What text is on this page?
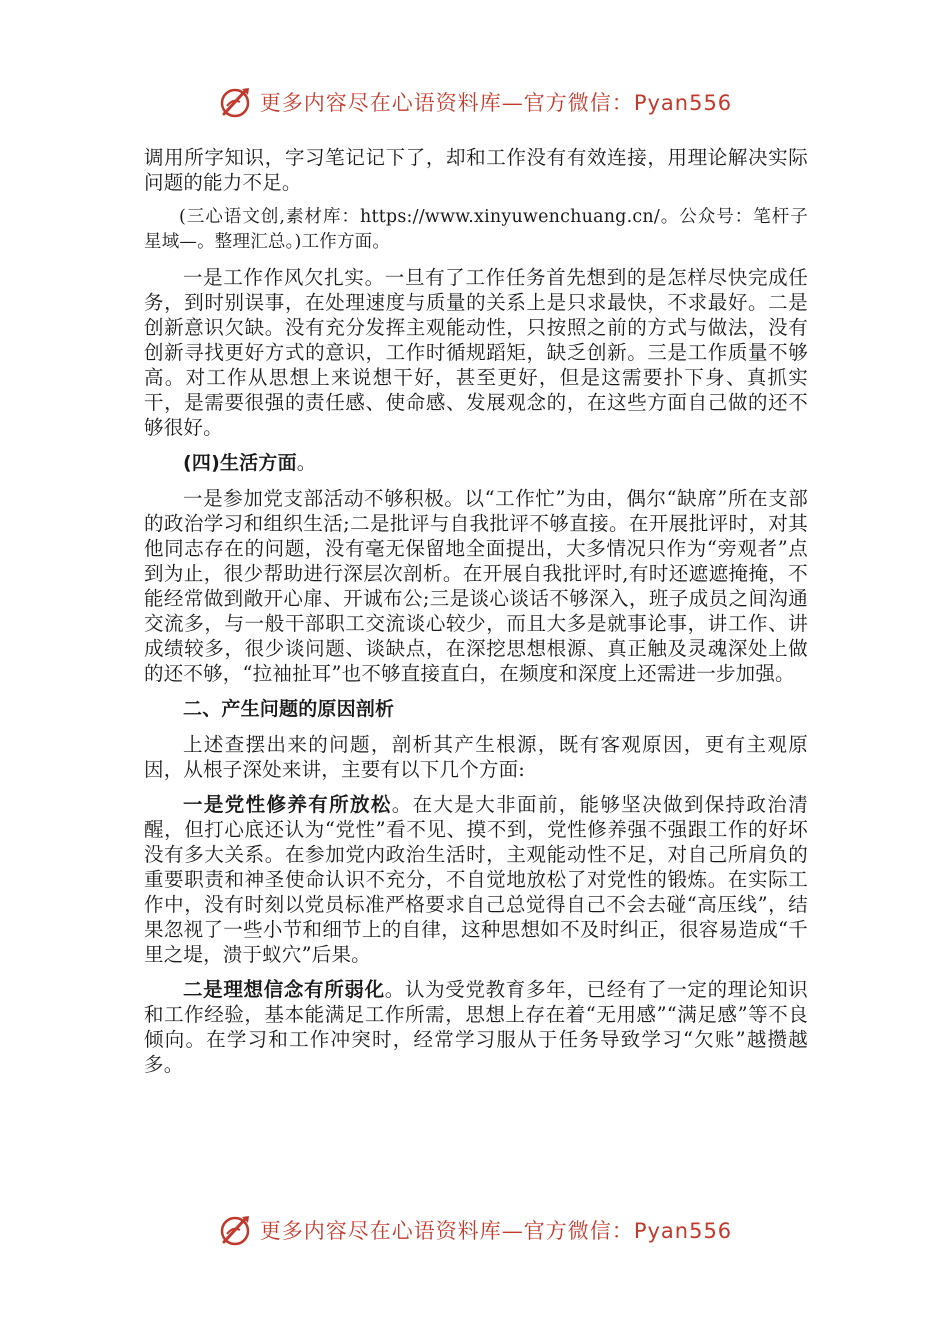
更多内容尽在心语资料库—官方微信：Pyan556

调用所字知识，字习笔记记下了，却和工作没有有效连接，用理论解决实际问题的能力不足。

(三心语文创,素材库：https://www.xinyuwenchuang.cn/。公众号：笔杆子星域—。整理汇总。)工作方面。

一是工作作风欠扎实。一旦有了工作任务首先想到的是怎样尽快完成任务，到时别误事，在处理速度与质量的关系上是只求最快，不求最好。二是创新意识欠缺。没有充分发挥主观能动性，只按照之前的方式与做法，没有创新寻找更好方式的意识，工作时循规蹈矩，缺乏创新。三是工作质量不够高。对工作从思想上来说想干好，甚至更好，但是这需要扑下身、真抓实干，是需要很强的责任感、使命感、发展观念的，在这些方面自己做的还不够很好。

(四)生活方面。

一是参加党支部活动不够积极。以“工作忙”为由，偶尔“缺席”所在支部的政治学习和组织生活;二是批评与自我批评不够直接。在开展批评时，对其他同志存在的问题，没有毫无保留地全面提出，大多情况只作为“旁观者”点到为止，很少帮助进行深层次剖析。在开展自我批评时,有时还遮遮掩掩，不能经常做到敞开心扉、开诚布公;三是谈心谈话不够深入，班子成员之间沟通交流多，与一般干部职工交流谈心较少，而且大多是就事论事，讲工作、讲成绩较多，很少谈问题、谈缺点，在深挖思想根源、真正触及灵魂深处上做的还不够，“拉袖扯耳”也不够直接直白，在频度和深度上还需进一步加强。

二、产生问题的原因剖析

上述查摆出来的问题，剖析其产生根源，既有客观原因，更有主观原因，从根子深处来讲，主要有以下几个方面:

一是党性修养有所放松。在大是大非面前，能够坚决做到保持政治清醒，但打心底还认为“党性”看不见、摸不到，党性修养强不强跟工作的好坏没有多大关系。在参加党内政治生活时，主观能动性不足，对自己所肩负的重要职责和神圣使命认识不充分，不自觉地放松了对党性的锻炼。在实际工作中，没有时刻以党员标准严格要求自己总觉得自己不会去碰“高压线”，结果忽视了一些小节和细节上的自律，这种思想如不及时纠正，很容易造成“千里之堤，溃于蚁穴”后果。

二是理想信念有所弱化。认为受党教育多年，已经有了一定的理论知识和工作经验，基本能满足工作所需，思想上存在着“无用感”“满足感”等不良倾向。在学习和工作冲突时，经常学习服从于任务导致学习“欠账”越攒越多。

更多内容尽在心语资料库—官方微信：Pyan556
